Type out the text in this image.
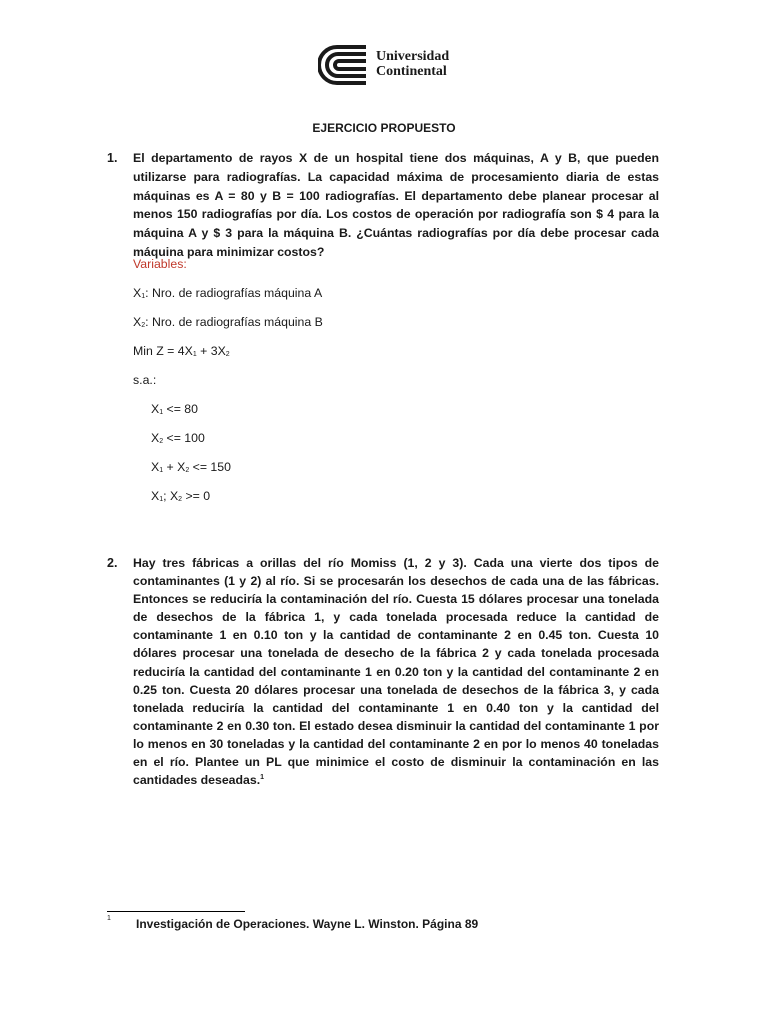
Universidad
Continental
EJERCICIO PROPUESTO
1. El departamento de rayos X de un hospital tiene dos máquinas, A y B, que pueden utilizarse para radiografías. La capacidad máxima de procesamiento diaria de estas máquinas es A = 80 y B = 100 radiografías. El departamento debe planear procesar al menos 150 radiografías por día. Los costos de operación por radiografía son $ 4 para la máquina A y $ 3 para la máquina B. ¿Cuántas radiografías por día debe procesar cada máquina para minimizar costos?
Variables:
$X_1$: Nro. de radiografías máquina A
$X_2$: Nro. de radiografías máquina B
Min $Z = 4X_1 + 3X_2$
s.a.:
$X_1 <= 80$
$X_2 <= 100$
$X_1 + X_2 <= 150$
$X_1$; $X_2 >= 0$
2. Hay tres fábricas a orillas del río Momiss (1, 2 y 3). Cada una vierte dos tipos de contaminantes (1 y 2) al río. Si se procesarán los desechos de cada una de las fábricas. Entonces se reduciría la contaminación del río. Cuesta 15 dólares procesar una tonelada de desechos de la fábrica 1, y cada tonelada procesada reduce la cantidad de contaminante 1 en 0.10 ton y la cantidad de contaminante 2 en 0.45 ton. Cuesta 10 dólares procesar una tonelada de desecho de la fábrica 2 y cada tonelada procesada reduciría la cantidad del contaminante 1 en 0.20 ton y la cantidad del contaminante 2 en 0.25 ton. Cuesta 20 dólares procesar una tonelada de desechos de la fábrica 3, y cada tonelada reduciría la cantidad del contaminante 1 en 0.40 ton y la cantidad del contaminante 2 en 0.30 ton. El estado desea disminuir la cantidad del contaminante 1 por lo menos en 30 toneladas y la cantidad del contaminante 2 en por lo menos 40 toneladas en el río. Plantee un PL que minimice el costo de disminuir la contaminación en las cantidades deseadas.$^1$
1 Investigación de Operaciones. Wayne L. Winston. Página 89
